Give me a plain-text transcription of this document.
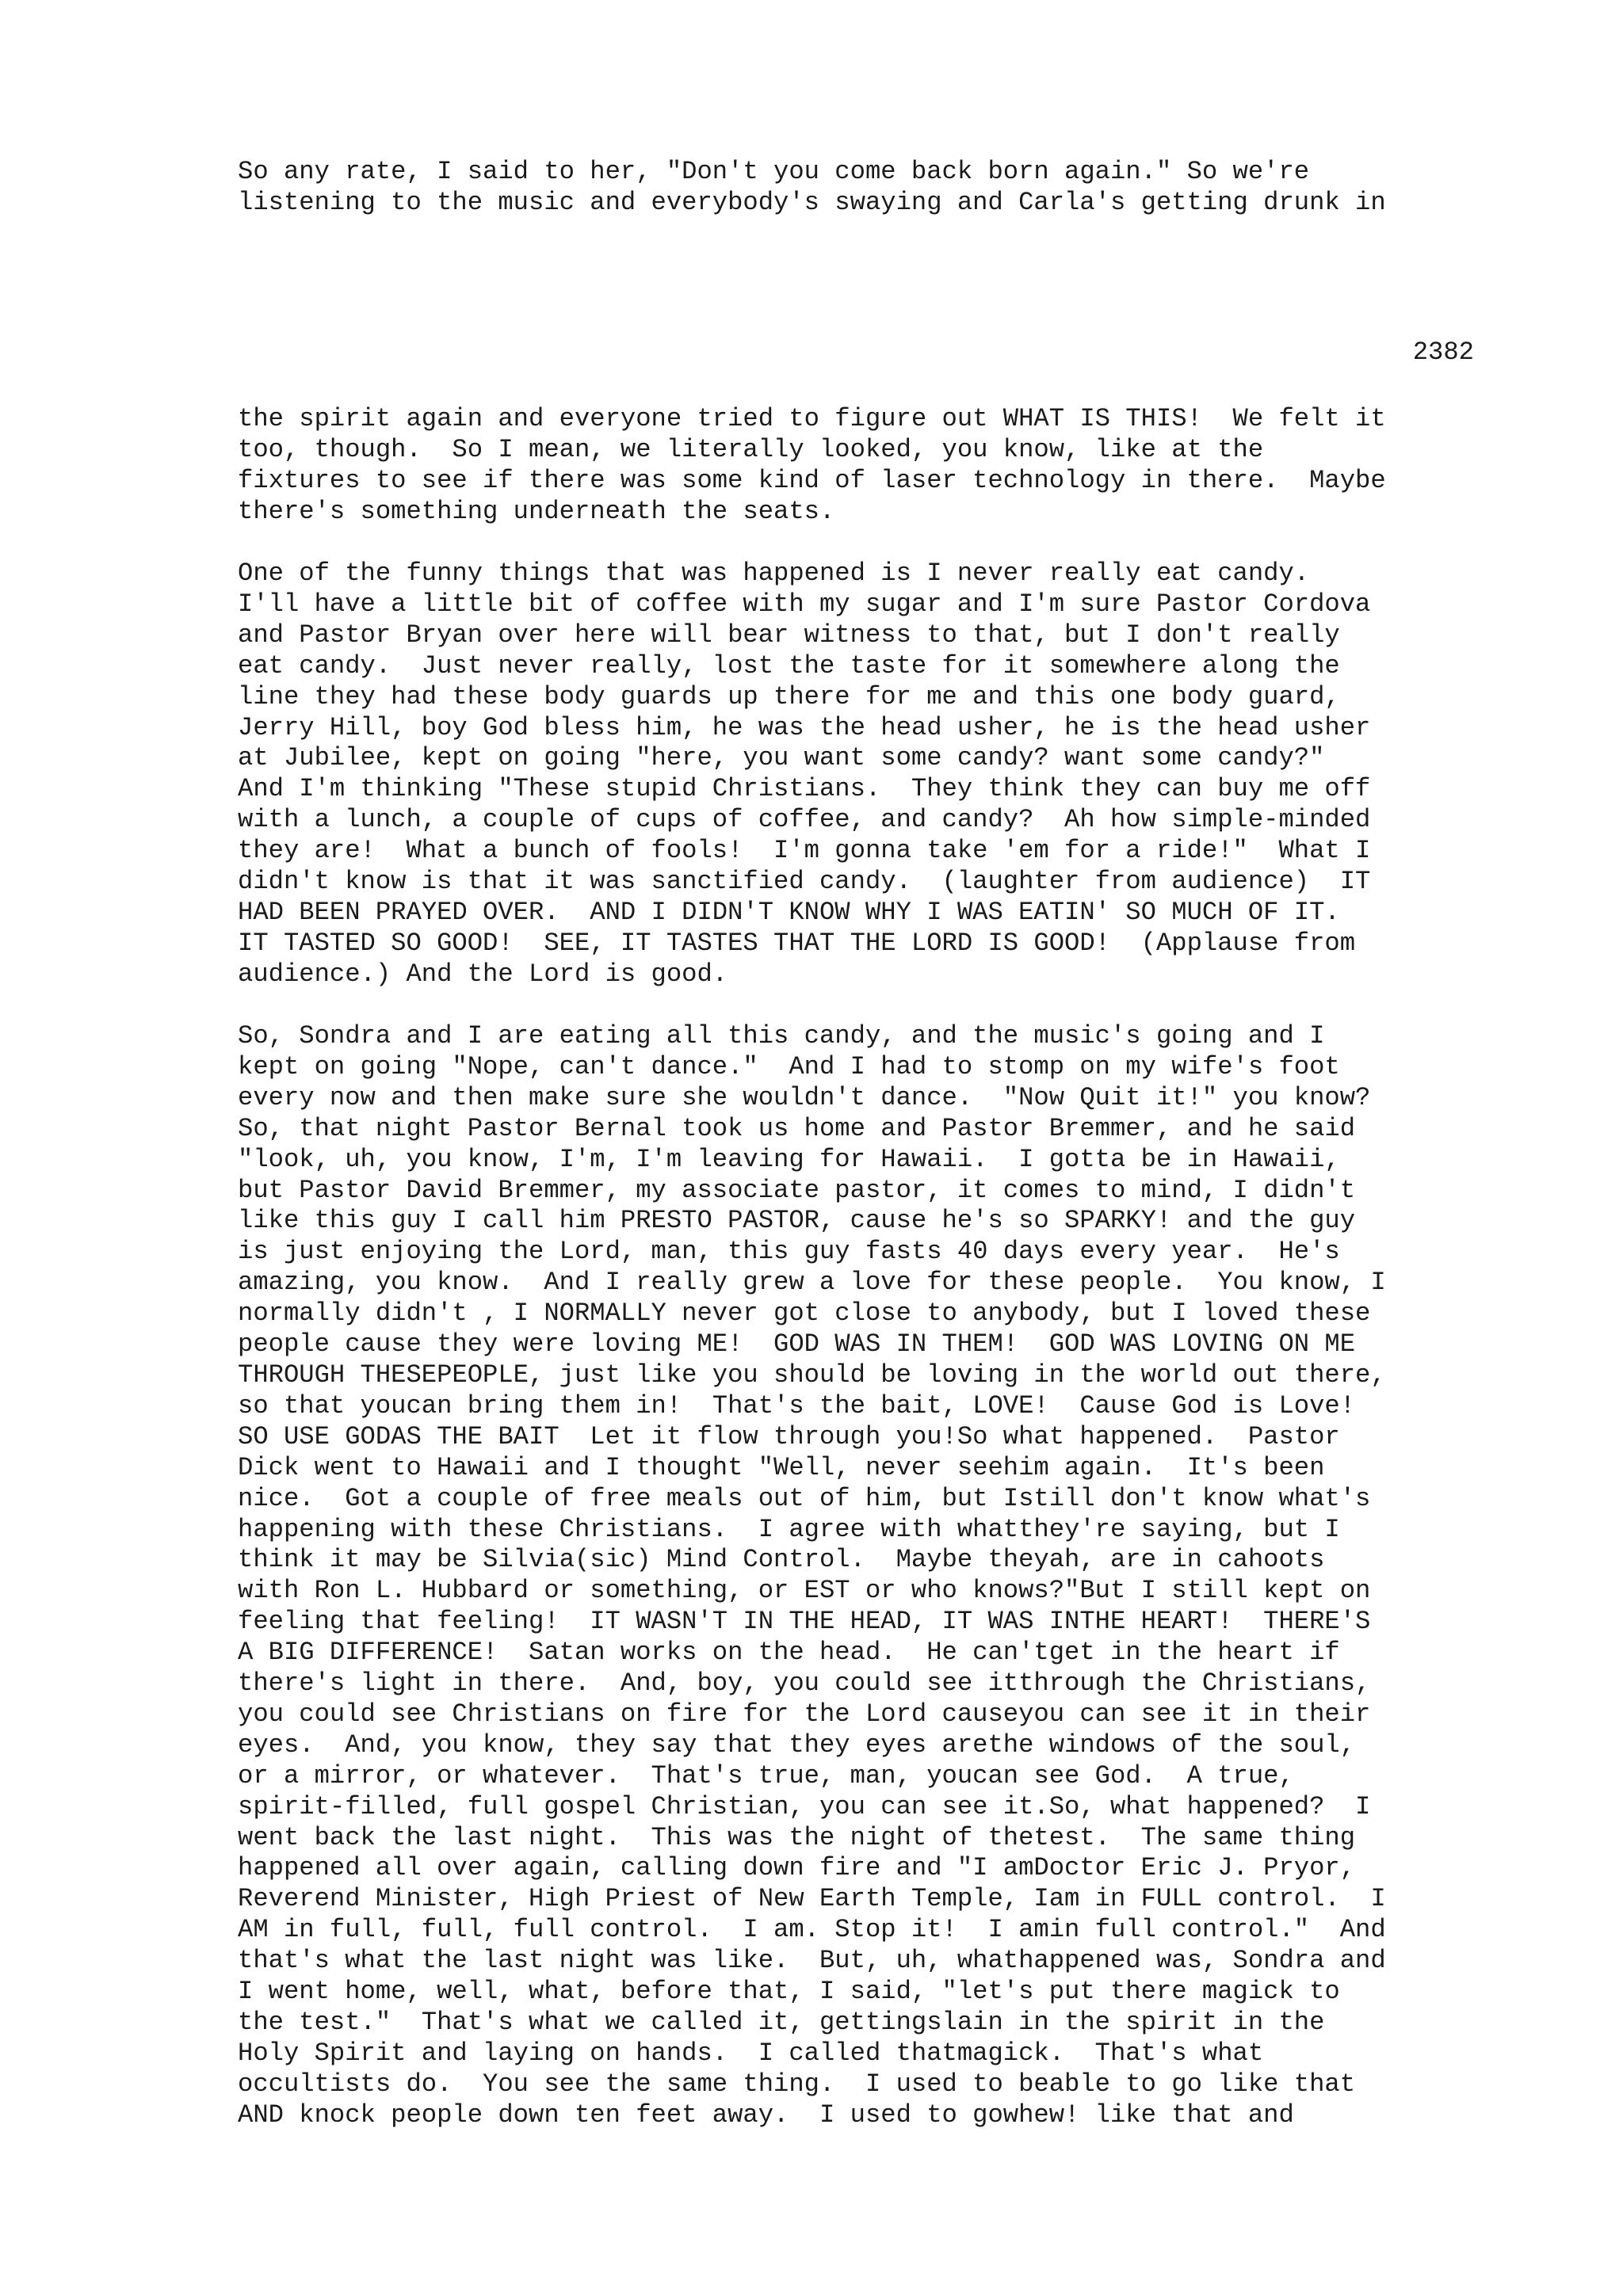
So any rate, I said to her, "Don't you come back born again." So we're
listening to the music and everybody's swaying and Carla's getting drunk in

2382

the spirit again and everyone tried to figure out WHAT IS THIS!  We felt it
too, though.  So I mean, we literally looked, you know, like at the
fixtures to see if there was some kind of laser technology in there.  Maybe
there's something underneath the seats.

One of the funny things that was happened is I never really eat candy.
I'll have a little bit of coffee with my sugar and I'm sure Pastor Cordova
and Pastor Bryan over here will bear witness to that, but I don't really
eat candy.  Just never really, lost the taste for it somewhere along the
line they had these body guards up there for me and this one body guard,
Jerry Hill, boy God bless him, he was the head usher, he is the head usher
at Jubilee, kept on going "here, you want some candy? want some candy?"
And I'm thinking "These stupid Christians.  They think they can buy me off
with a lunch, a couple of cups of coffee, and candy?  Ah how simple-minded
they are!  What a bunch of fools!  I'm gonna take 'em for a ride!"  What I
didn't know is that it was sanctified candy.  (laughter from audience)  IT
HAD BEEN PRAYED OVER.  AND I DIDN'T KNOW WHY I WAS EATIN' SO MUCH OF IT.
IT TASTED SO GOOD!  SEE, IT TASTES THAT THE LORD IS GOOD!  (Applause from
audience.) And the Lord is good.

So, Sondra and I are eating all this candy, and the music's going and I
kept on going "Nope, can't dance."  And I had to stomp on my wife's foot
every now and then make sure she wouldn't dance.  "Now Quit it!" you know?
So, that night Pastor Bernal took us home and Pastor Bremmer, and he said
"look, uh, you know, I'm, I'm leaving for Hawaii.  I gotta be in Hawaii,
but Pastor David Bremmer, my associate pastor, it comes to mind, I didn't
like this guy I call him PRESTO PASTOR, cause he's so SPARKY! and the guy
is just enjoying the Lord, man, this guy fasts 40 days every year.  He's
amazing, you know.  And I really grew a love for these people.  You know, I
normally didn't , I NORMALLY never got close to anybody, but I loved these
people cause they were loving ME!  GOD WAS IN THEM!  GOD WAS LOVING ON ME
THROUGH THESEPEOPLE, just like you should be loving in the world out there,
so that youcan bring them in!  That's the bait, LOVE!  Cause God is Love!
SO USE GODAS THE BAIT  Let it flow through you!So what happened.  Pastor
Dick went to Hawaii and I thought "Well, never seehim again.  It's been
nice.  Got a couple of free meals out of him, but Istill don't know what's
happening with these Christians.  I agree with whatthey're saying, but I
think it may be Silvia(sic) Mind Control.  Maybe theyah, are in cahoots
with Ron L. Hubbard or something, or EST or who knows?"But I still kept on
feeling that feeling!  IT WASN'T IN THE HEAD, IT WAS INTHE HEART!  THERE'S
A BIG DIFFERENCE!  Satan works on the head.  He can'tget in the heart if
there's light in there.  And, boy, you could see itthrough the Christians,
you could see Christians on fire for the Lord causeyou can see it in their
eyes.  And, you know, they say that they eyes arethe windows of the soul,
or a mirror, or whatever.  That's true, man, youcan see God.  A true,
spirit-filled, full gospel Christian, you can see it.So, what happened?  I
went back the last night.  This was the night of thetest.  The same thing
happened all over again, calling down fire and "I amDoctor Eric J. Pryor,
Reverend Minister, High Priest of New Earth Temple, Iam in FULL control.  I
AM in full, full, full control.  I am. Stop it!  I amin full control."  And
that's what the last night was like.  But, uh, whathappened was, Sondra and
I went home, well, what, before that, I said, "let's put there magick to
the test."  That's what we called it, gettingslain in the spirit in the
Holy Spirit and laying on hands.  I called thatmagick.  That's what
occultists do.  You see the same thing.  I used to beable to go like that
AND knock people down ten feet away.  I used to gowhew! like that and
